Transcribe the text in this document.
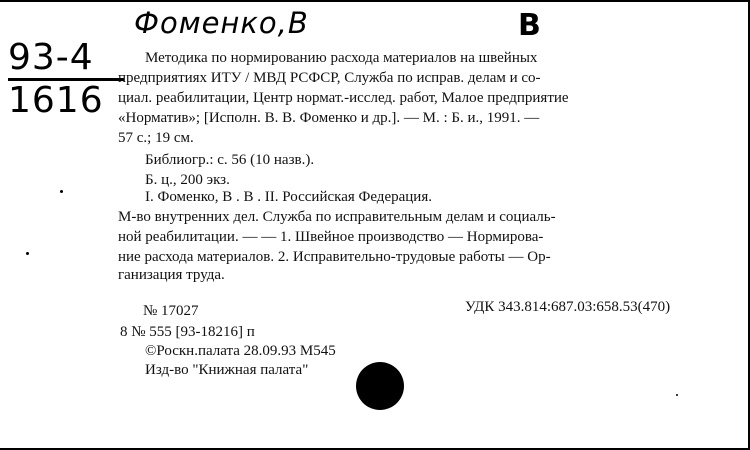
Фоменко,В	В
93-4
1616
Методика по нормированию расхода материалов на швейных
предприятиях ИТУ / МВД РСФСР, Служба по исправ. делам и со-
циал. реабилитации, Центр нормат.-исслед. работ, Малое предприятие
«Норматив»; [Исполн. В. В. Фоменко и др.]. — М. : Б. и., 1991. —
57 с.; 19 см.
Библиогр.: с. 56 (10 назв.).
Б. ц., 200 экз.
I. Фоменко, В . В . II. Российская Федерация.
М-во внутренних дел. Служба по исправительным делам и социаль-
ной реабилитации. — — 1. Швейное производство — Нормирова-
ние расхода материалов. 2. Исправительно-трудовые работы — Ор-
ганизация труда.
№ 17027	УДК 343.814:687.03:658.53(470)
8 № 555 [93-18216] п
©Роскн.палата 28.09.93 М545
Изд-во "Книжная палата"
